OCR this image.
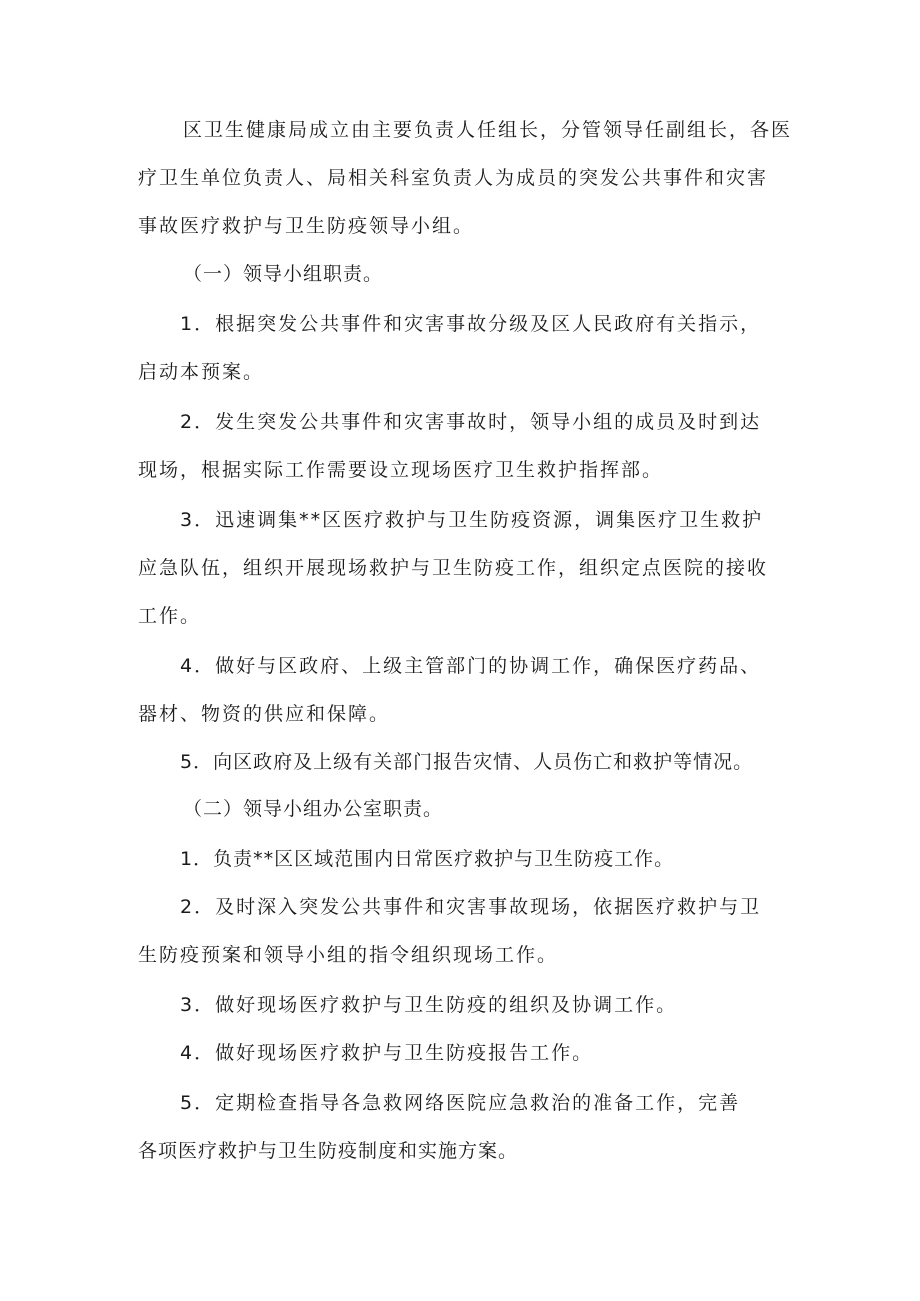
区卫生健康局成立由主要负责人任组长，分管领导任副组长，各医
疗卫生单位负责人、局相关科室负责人为成员的突发公共事件和灾害
事故医疗救护与卫生防疫领导小组。
（一）领导小组职责。
1．根据突发公共事件和灾害事故分级及区人民政府有关指示，
启动本预案。
2．发生突发公共事件和灾害事故时，领导小组的成员及时到达
现场，根据实际工作需要设立现场医疗卫生救护指挥部。
3．迅速调集**区医疗救护与卫生防疫资源，调集医疗卫生救护
应急队伍，组织开展现场救护与卫生防疫工作，组织定点医院的接收
工作。
4．做好与区政府、上级主管部门的协调工作，确保医疗药品、
器材、物资的供应和保障。
5．向区政府及上级有关部门报告灾情、人员伤亡和救护等情况。
（二）领导小组办公室职责。
1．负责**区区域范围内日常医疗救护与卫生防疫工作。
2．及时深入突发公共事件和灾害事故现场，依据医疗救护与卫
生防疫预案和领导小组的指令组织现场工作。
3．做好现场医疗救护与卫生防疫的组织及协调工作。
4．做好现场医疗救护与卫生防疫报告工作。
5．定期检查指导各急救网络医院应急救治的准备工作，完善
各项医疗救护与卫生防疫制度和实施方案。
